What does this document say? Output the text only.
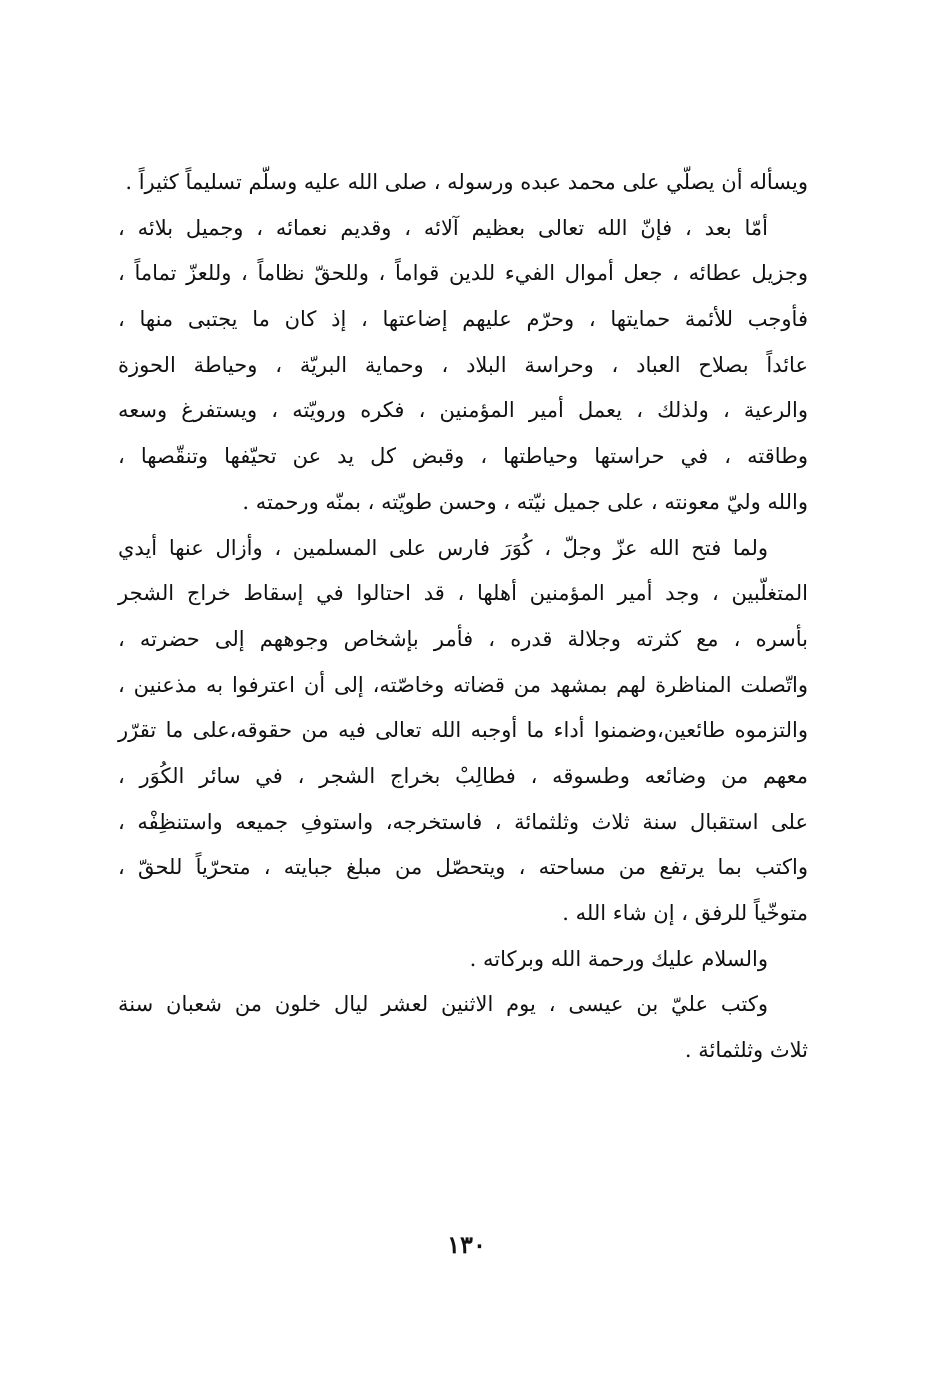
ويسأله أن يصلّي على محمد عبده ورسوله ، صلى الله عليه وسلّم تسليماً كثيراً .
أمّا بعد ، فإنّ الله تعالى بعظيم آلائه ، وقديم نعمائه ، وجميل بلائه ،
وجزيل عطائه ، جعل أموال الفيء للدين قواماً ، وللحقّ نظاماً ، وللعزّ تماماً ،
فأوجب للأئمة حمايتها ، وحرّم عليهم إضاعتها ، إذ كان ما يجتبى منها ،
عائداً بصلاح العباد ، وحراسة البلاد ، وحماية البريّة ، وحياطة الحوزة
والرعية ، ولذلك ، يعمل أمير المؤمنين ، فكره ورويّته ، ويستفرغ وسعه
وطاقته ، في حراستها وحياطتها ، وقبض كل يد عن تحيّفها وتنقّصها ،
والله وليّ معونته ، على جميل نيّته ، وحسن طويّته ، بمنّه ورحمته .
ولما فتح الله عزّ وجلّ ، كُوَرَ فارس على المسلمين ، وأزال عنها أيدي
المتغلّبين ، وجد أمير المؤمنين أهلها ، قد احتالوا في إسقاط خراج الشجر
بأسره ، مع كثرته وجلالة قدره ، فأمر بإشخاص وجوههم إلى حضرته ،
واتّصلت المناظرة لهم بمشهد من قضاته وخاصّته، إلى أن اعترفوا به مذعنين ،
والتزموه طائعين،وضمنوا أداء ما أوجبه الله تعالى فيه من حقوقه،على ما تقرّر
معهم من وضائعه وطسوقه ، فطالِبْ بخراج الشجر ، في سائر الكُوَر ،
على استقبال سنة ثلاث وثلثمائة ، فاستخرجه، واستوفِ جميعه واستنظِفْه ،
واكتب بما يرتفع من مساحته ، ويتحصّل من مبلغ جبايته ، متحرّياً للحقّ ،
متوخّياً للرفق ، إن شاء الله .
والسلام عليك ورحمة الله وبركاته .
وكتب عليّ بن عيسى ، يوم الاثنين لعشر ليال خلون من شعبان سنة
ثلاث وثلثمائة .
١٣٠
